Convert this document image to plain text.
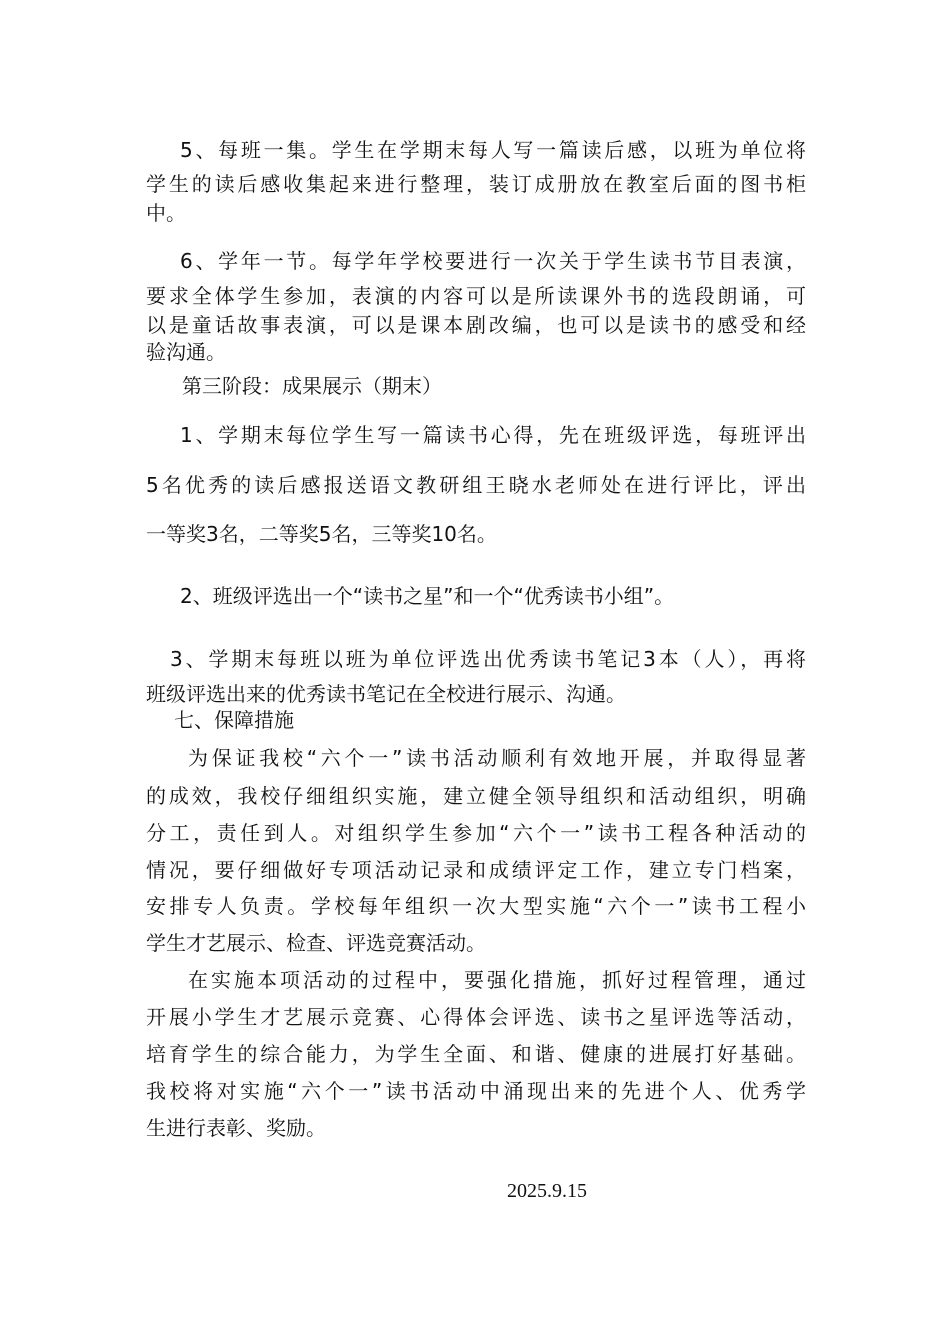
5、每班一集。学生在学期末每人写一篇读后感，以班为单位将
学生的读后感收集起来进行整理，装订成册放在教室后面的图书柜
中。
6、学年一节。每学年学校要进行一次关于学生读书节目表演，
要求全体学生参加，表演的内容可以是所读课外书的选段朗诵，可
以是童话故事表演，可以是课本剧改编，也可以是读书的感受和经
验沟通。
第三阶段：成果展示（期末）
1、学期末每位学生写一篇读书心得，先在班级评选，每班评出
5名优秀的读后感报送语文教研组王晓水老师处在进行评比，评出
一等奖3名，二等奖5名，三等奖10名。
2、班级评选出一个“读书之星”和一个“优秀读书小组”。
3、学期末每班以班为单位评选出优秀读书笔记3本（人），再将
班级评选出来的优秀读书笔记在全校进行展示、沟通。
七、保障措施
为保证我校“六个一”读书活动顺利有效地开展，并取得显著
的成效，我校仔细组织实施，建立健全领导组织和活动组织，明确
分工，责任到人。对组织学生参加“六个一”读书工程各种活动的
情况，要仔细做好专项活动记录和成绩评定工作，建立专门档案，
安排专人负责。学校每年组织一次大型实施“六个一”读书工程小
学生才艺展示、检查、评选竞赛活动。
在实施本项活动的过程中，要强化措施，抓好过程管理，通过
开展小学生才艺展示竞赛、心得体会评选、读书之星评选等活动，
培育学生的综合能力，为学生全面、和谐、健康的进展打好基础。
我校将对实施“六个一”读书活动中涌现出来的先进个人、优秀学
生进行表彰、奖励。
2025.9.15
